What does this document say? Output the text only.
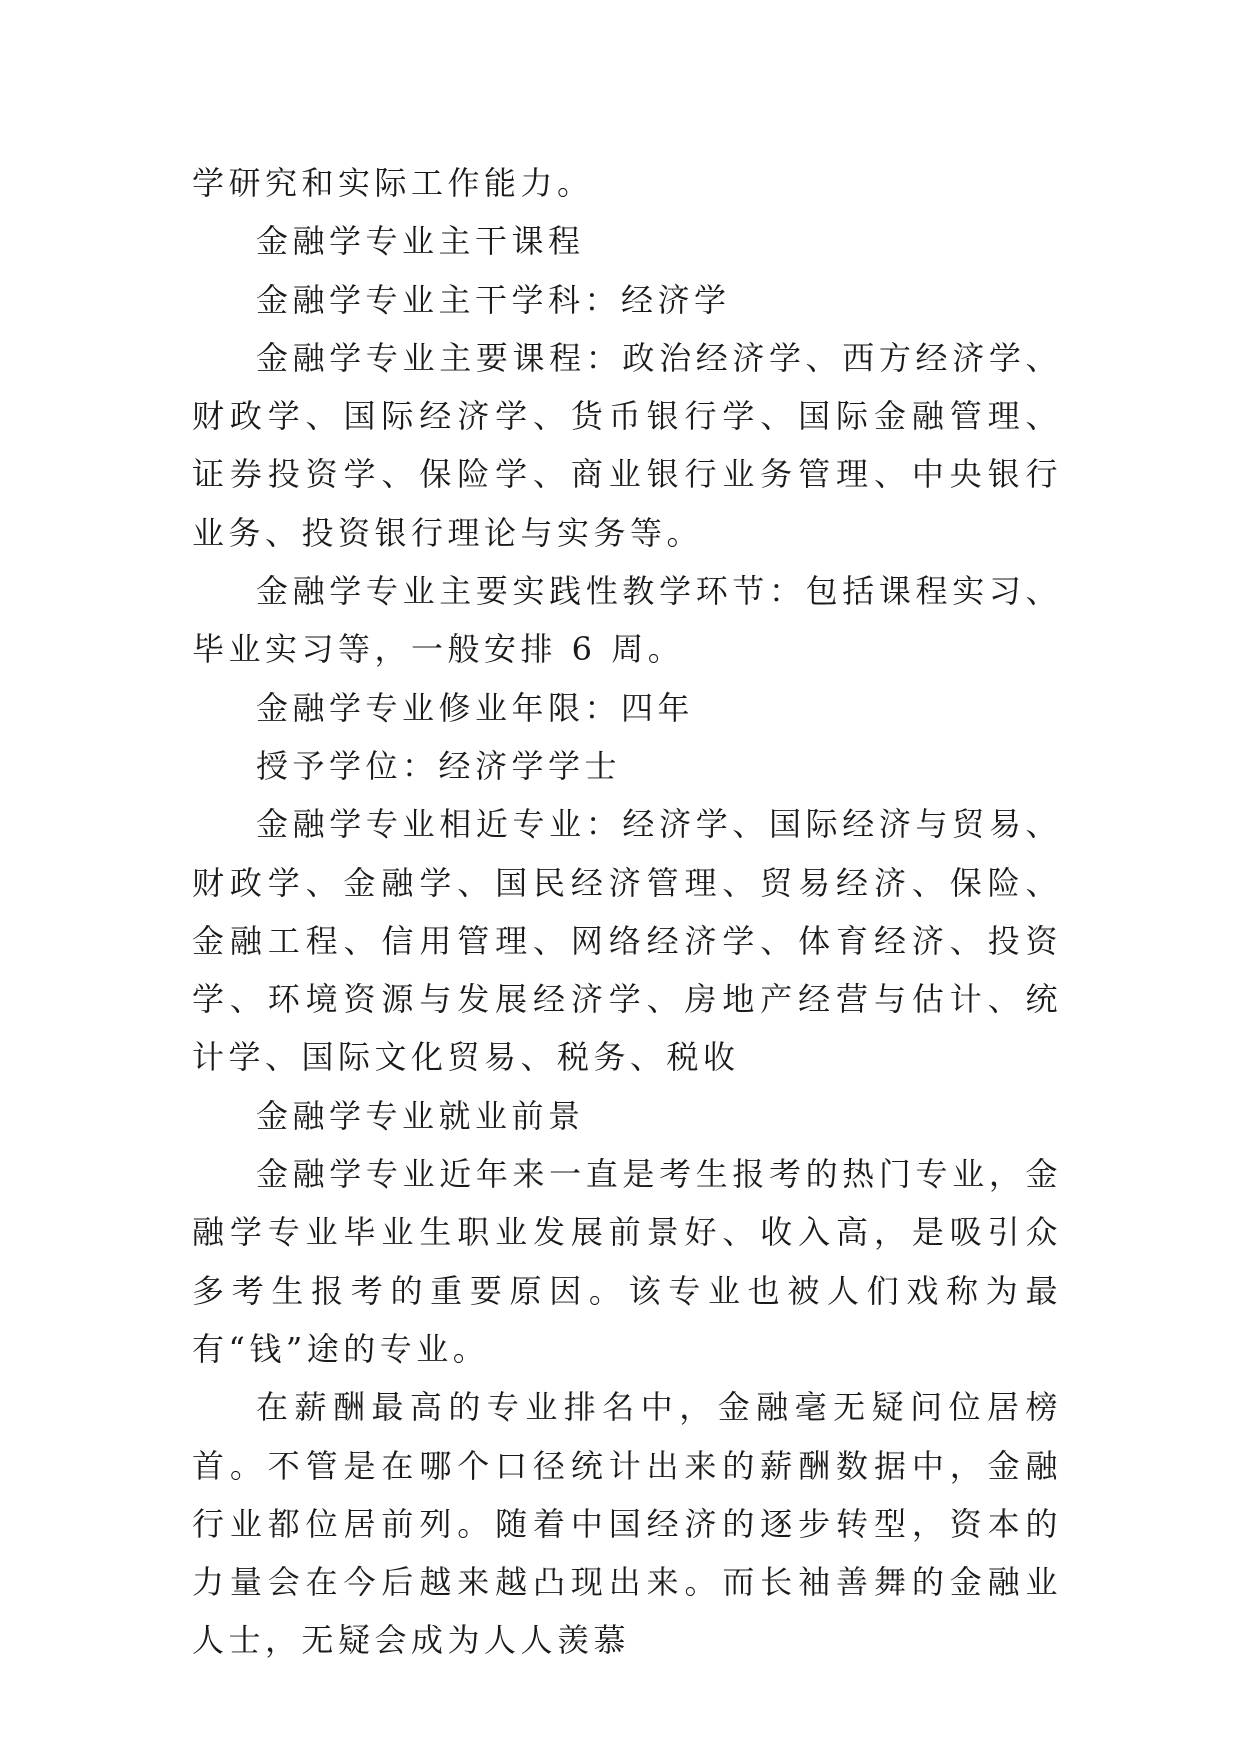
学研究和实际工作能力。

金融学专业主干课程

金融学专业主干学科：经济学

金融学专业主要课程：政治经济学、西方经济学、财政学、国际经济学、货币银行学、国际金融管理、证券投资学、保险学、商业银行业务管理、中央银行业务、投资银行理论与实务等。

金融学专业主要实践性教学环节：包括课程实习、毕业实习等，一般安排 6 周。

金融学专业修业年限：四年

授予学位：经济学学士

金融学专业相近专业：经济学、国际经济与贸易、财政学、金融学、国民经济管理、贸易经济、保险、金融工程、信用管理、网络经济学、体育经济、投资学、环境资源与发展经济学、房地产经营与估计、统计学、国际文化贸易、税务、税收

金融学专业就业前景

金融学专业近年来一直是考生报考的热门专业，金融学专业毕业生职业发展前景好、收入高，是吸引众多考生报考的重要原因。该专业也被人们戏称为最有“钱”途的专业。

在薪酬最高的专业排名中，金融毫无疑问位居榜首。不管是在哪个口径统计出来的薪酬数据中，金融行业都位居前列。随着中国经济的逐步转型，资本的力量会在今后越来越凸现出来。而长袖善舞的金融业人士，无疑会成为人人羡慕
